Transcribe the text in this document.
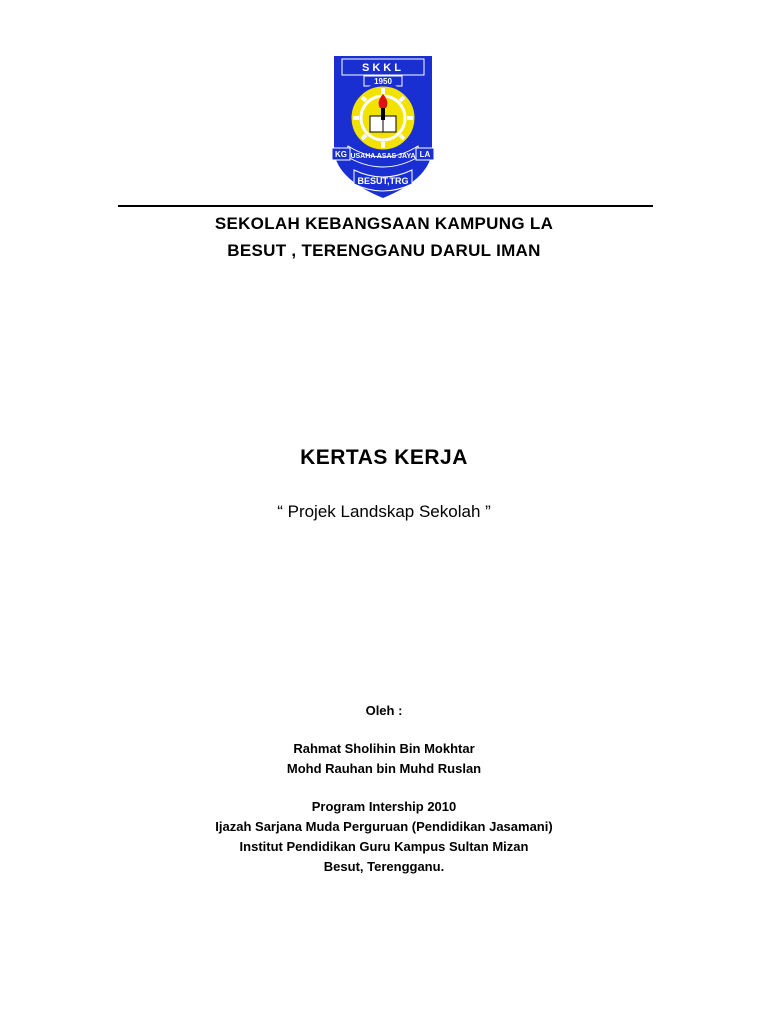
SKKL
1950
USAHA ASAS JAYA
KG	LA
BESUT,TRG
SEKOLAH KEBANGSAAN KAMPUNG LA
BESUT , TERENGGANU DARUL IMAN
KERTAS KERJA
“ Projek Landskap Sekolah ”
Oleh :
Rahmat Sholihin Bin Mokhtar
Mohd Rauhan bin Muhd Ruslan
Program Intership 2010
Ijazah Sarjana Muda Perguruan (Pendidikan Jasamani)
Institut Pendidikan Guru Kampus Sultan Mizan
Besut, Terengganu.
